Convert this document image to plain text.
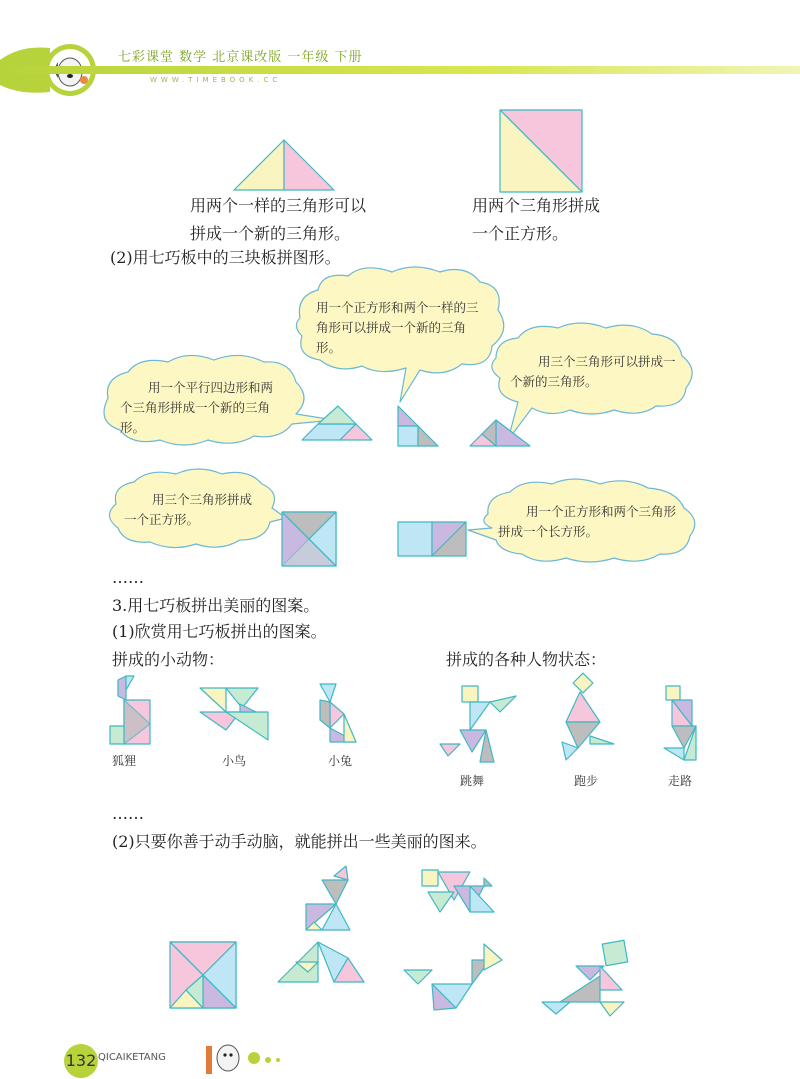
七彩课堂 数学 北京课改版 一年级 下册
WWW.TIMEBOOK.CC
用两个一样的三角形可以
拼成一个新的三角形。
用两个三角形拼成
一个正方形。
(2)用七巧板中的三块板拼图形。
用一个正方形和两个一样的三角形可以拼成一个新的三角形。
用三个三角形可以拼成一个新的三角形。
用一个平行四边形和两个三角形拼成一个新的三角形。
用三个三角形拼成一个正方形。
用一个正方形和两个三角形拼成一个长方形。
……
3.用七巧板拼出美丽的图案。
(1)欣赏用七巧板拼出的图案。
拼成的小动物：	拼成的各种人物状态：
狐狸	小鸟	小兔
跳舞	跑步	走路
……
(2)只要你善于动手动脑，就能拼出一些美丽的图来。
132 QICAIKETANG
